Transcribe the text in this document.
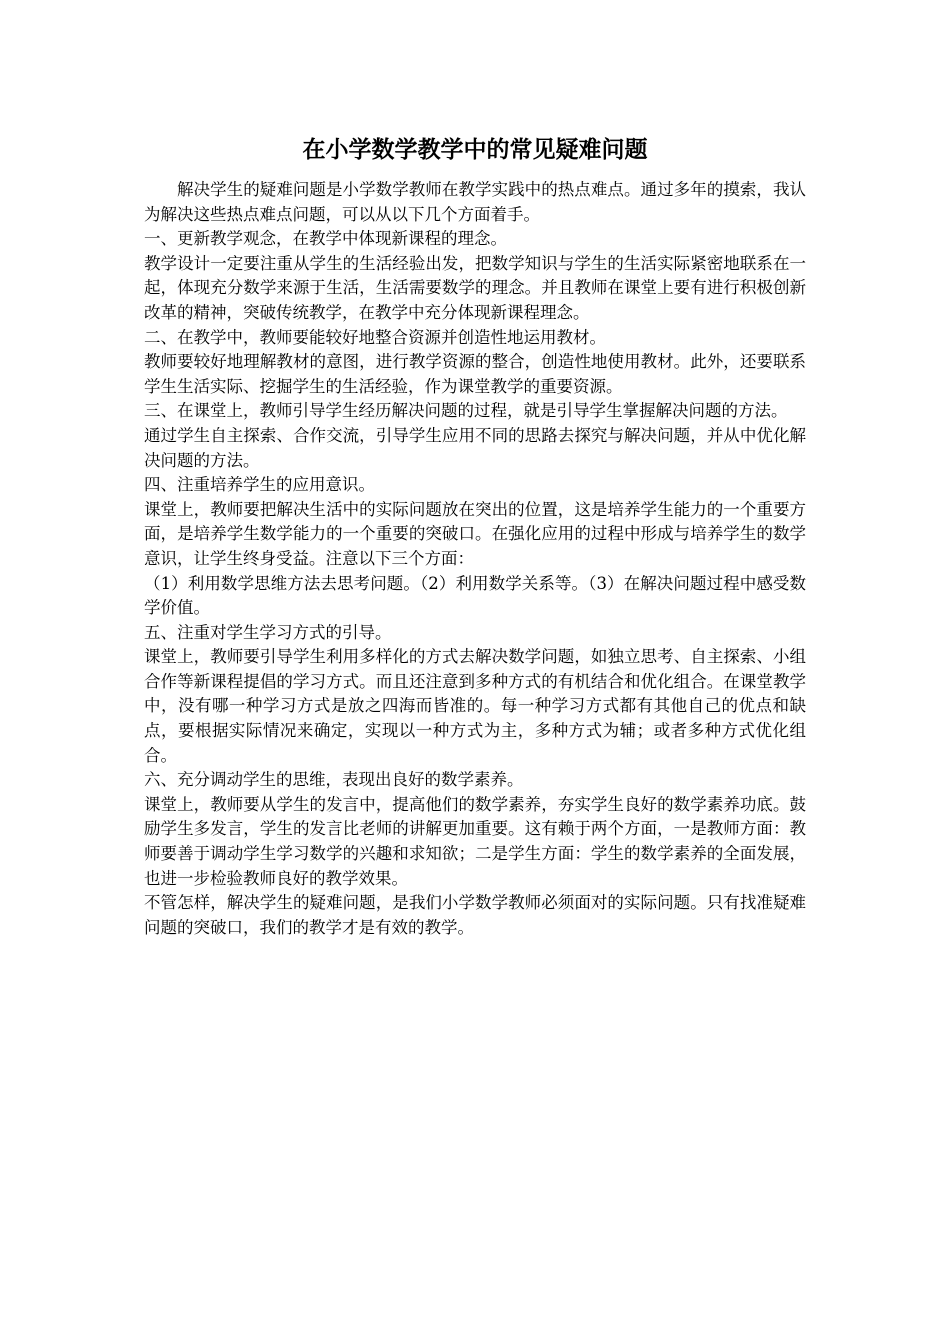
在小学数学教学中的常见疑难问题

解决学生的疑难问题是小学数学教师在教学实践中的热点难点。通过多年的摸索，我认为解决这些热点难点问题，可以从以下几个方面着手。

一、更新教学观念，在教学中体现新课程的理念。

教学设计一定要注重从学生的生活经验出发，把数学知识与学生的生活实际紧密地联系在一起，体现充分数学来源于生活，生活需要数学的理念。并且教师在课堂上要有进行积极创新改革的精神，突破传统教学，在教学中充分体现新课程理念。

二、在教学中，教师要能较好地整合资源并创造性地运用教材。

教师要较好地理解教材的意图，进行教学资源的整合，创造性地使用教材。此外，还要联系学生生活实际、挖掘学生的生活经验，作为课堂教学的重要资源。

三、在课堂上，教师引导学生经历解决问题的过程，就是引导学生掌握解决问题的方法。

通过学生自主探索、合作交流，引导学生应用不同的思路去探究与解决问题，并从中优化解决问题的方法。

四、注重培养学生的应用意识。

课堂上，教师要把解决生活中的实际问题放在突出的位置，这是培养学生能力的一个重要方面，是培养学生数学能力的一个重要的突破口。在强化应用的过程中形成与培养学生的数学意识，让学生终身受益。注意以下三个方面：

（1）利用数学思维方法去思考问题。（2）利用数学关系等。（3）在解决问题过程中感受数学价值。

五、注重对学生学习方式的引导。

课堂上，教师要引导学生利用多样化的方式去解决数学问题，如独立思考、自主探索、小组合作等新课程提倡的学习方式。而且还注意到多种方式的有机结合和优化组合。在课堂教学中，没有哪一种学习方式是放之四海而皆准的。每一种学习方式都有其他自己的优点和缺点，要根据实际情况来确定，实现以一种方式为主，多种方式为辅；或者多种方式优化组合。

六、充分调动学生的思维，表现出良好的数学素养。

课堂上，教师要从学生的发言中，提高他们的数学素养，夯实学生良好的数学素养功底。鼓励学生多发言，学生的发言比老师的讲解更加重要。这有赖于两个方面，一是教师方面：教师要善于调动学生学习数学的兴趣和求知欲；二是学生方面：学生的数学素养的全面发展，也进一步检验教师良好的教学效果。

不管怎样，解决学生的疑难问题，是我们小学数学教师必须面对的实际问题。只有找准疑难问题的突破口，我们的教学才是有效的教学。
